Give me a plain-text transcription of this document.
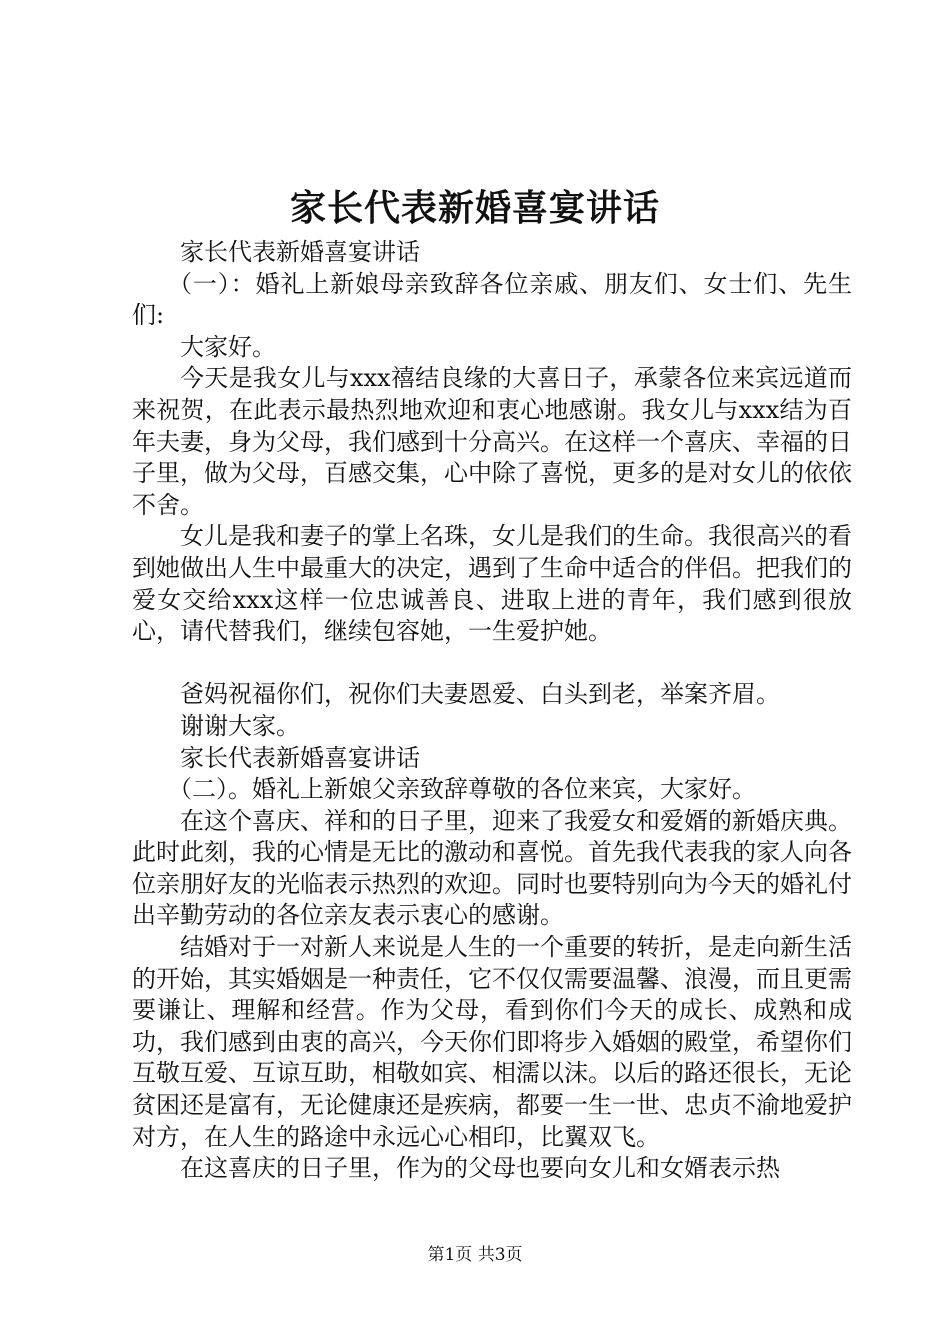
家长代表新婚喜宴讲话

家长代表新婚喜宴讲话

（一）：婚礼上新娘母亲致辞各位亲戚、朋友们、女士们、先生们:

大家好。

今天是我女儿与xxx禧结良缘的大喜日子，承蒙各位来宾远道而来祝贺，在此表示最热烈地欢迎和衷心地感谢。我女儿与xxx结为百年夫妻，身为父母，我们感到十分高兴。在这样一个喜庆、幸福的日子里，做为父母，百感交集，心中除了喜悦，更多的是对女儿的依依不舍。

女儿是我和妻子的掌上名珠，女儿是我们的生命。我很高兴的看到她做出人生中最重大的决定，遇到了生命中适合的伴侣。把我们的爱女交给xxx这样一位忠诚善良、进取上进的青年，我们感到很放心，请代替我们，继续包容她，一生爱护她。

爸妈祝福你们，祝你们夫妻恩爱、白头到老，举案齐眉。

谢谢大家。

家长代表新婚喜宴讲话

（二）。婚礼上新娘父亲致辞尊敬的各位来宾，大家好。

在这个喜庆、祥和的日子里，迎来了我爱女和爱婿的新婚庆典。此时此刻，我的心情是无比的激动和喜悦。首先我代表我的家人向各位亲朋好友的光临表示热烈的欢迎。同时也要特别向为今天的婚礼付出辛勤劳动的各位亲友表示衷心的感谢。

结婚对于一对新人来说是人生的一个重要的转折，是走向新生活的开始，其实婚姻是一种责任，它不仅仅需要温馨、浪漫，而且更需要谦让、理解和经营。作为父母，看到你们今天的成长、成熟和成功，我们感到由衷的高兴，今天你们即将步入婚姻的殿堂，希望你们互敬互爱、互谅互助，相敬如宾、相濡以沫。以后的路还很长，无论贫困还是富有，无论健康还是疾病，都要一生一世、忠贞不渝地爱护对方，在人生的路途中永远心心相印，比翼双飞。

在这喜庆的日子里，作为的父母也要向女儿和女婿表示热

第1页 共3页
